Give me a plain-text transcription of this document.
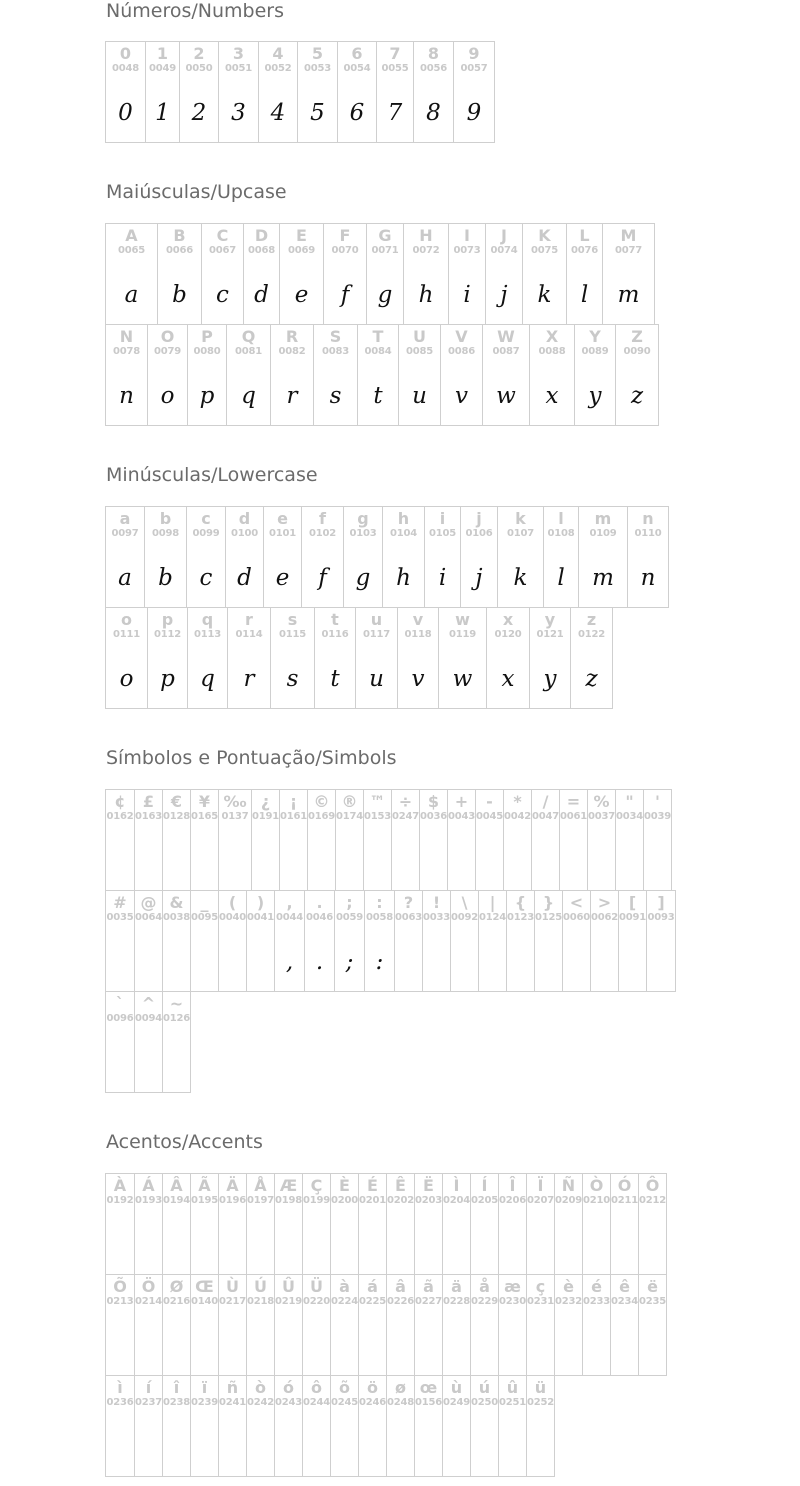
Números/Numbers
Maiúsculas/Upcase
Minúsculas/Lowercase
Símbolos e Pontuação/Simbols
Acentos/Accents
0
0048
0
1
0049
1
2
0050
2
3
0051
3
4
0052
4
5
0053
5
6
0054
6
7
0055
7
8
0056
8
9
0057
9
A
0065
a
B
0066
b
C
0067
c
D
0068
d
E
0069
e
F
0070
f
G
0071
g
H
0072
h
I
0073
i
J
0074
j
K
0075
k
L
0076
l
M
0077
m
N
0078
n
O
0079
o
P
0080
p
Q
0081
q
R
0082
r
S
0083
s
T
0084
t
U
0085
u
V
0086
v
W
0087
w
X
0088
x
Y
0089
y
Z
0090
z
a
0097
a
b
0098
b
c
0099
c
d
0100
d
e
0101
e
f
0102
f
g
0103
g
h
0104
h
i
0105
i
j
0106
j
k
0107
k
l
0108
l
m
0109
m
n
0110
n
o
0111
o
p
0112
p
q
0113
q
r
0114
r
s
0115
s
t
0116
t
u
0117
u
v
0118
v
w
0119
w
x
0120
x
y
0121
y
z
0122
z
¢
0162
£
0163
€
0128
¥
0165
‰
0137
¿
0191
¡
0161
©
0169
®
0174
™
0153
÷
0247
$
0036
+
0043
-
0045
*
0042
/
0047
=
0061
%
0037
"
0034
'
0039
#
0035
@
0064
&
0038
_
0095
(
0040
)
0041
,
0044
,
.
0046
.
;
0059
;
:
0058
:
?
0063
!
0033
\
0092
|
0124
{
0123
}
0125
<
0060
>
0062
[
0091
]
0093
`
0096
^
0094
~
0126
À
0192
Á
0193
Â
0194
Ã
0195
Ä
0196
Å
0197
Æ
0198
Ç
0199
È
0200
É
0201
Ê
0202
Ë
0203
Ì
0204
Í
0205
Î
0206
Ï
0207
Ñ
0209
Ò
0210
Ó
0211
Ô
0212
Õ
0213
Ö
0214
Ø
0216
Œ
0140
Ù
0217
Ú
0218
Û
0219
Ü
0220
à
0224
á
0225
â
0226
ã
0227
ä
0228
å
0229
æ
0230
ç
0231
è
0232
é
0233
ê
0234
ë
0235
ì
0236
í
0237
î
0238
ï
0239
ñ
0241
ò
0242
ó
0243
ô
0244
õ
0245
ö
0246
ø
0248
œ
0156
ù
0249
ú
0250
û
0251
ü
0252
